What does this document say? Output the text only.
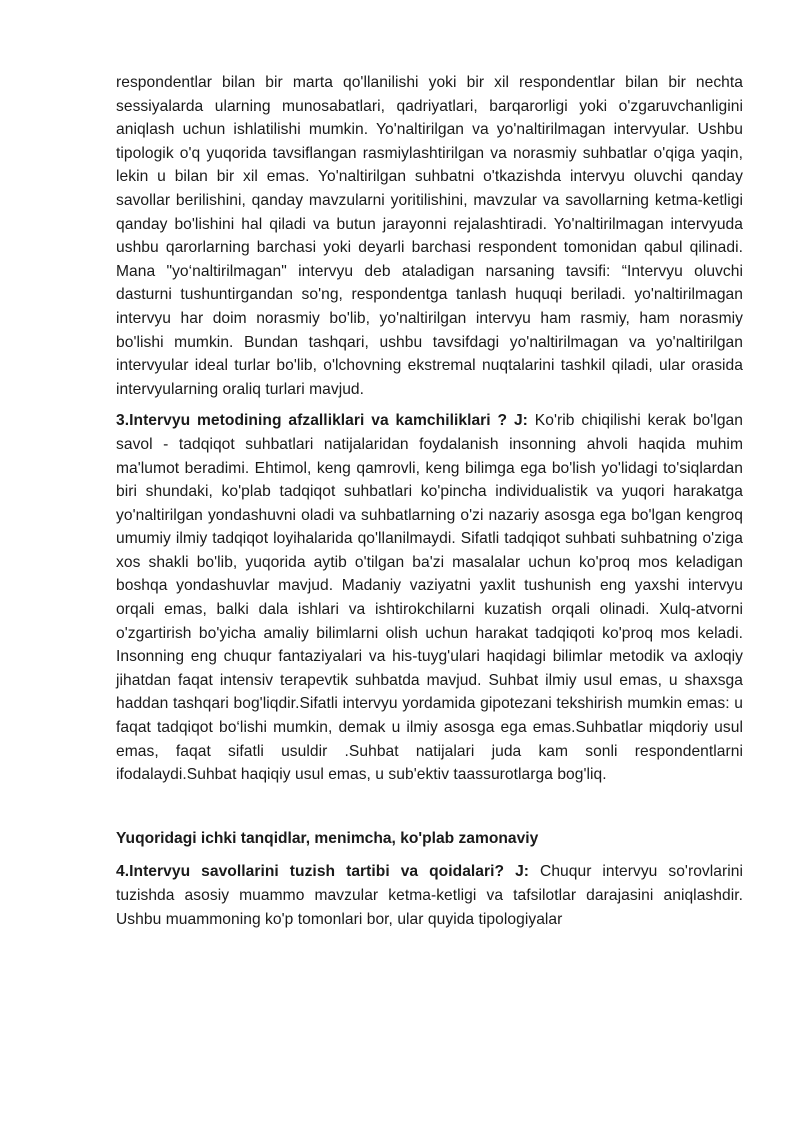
respondentlar bilan bir marta qo'llanilishi yoki bir xil respondentlar bilan bir nechta sessiyalarda ularning munosabatlari, qadriyatlari, barqarorligi yoki o'zgaruvchanligini aniqlash uchun ishlatilishi mumkin. Yo'naltirilgan va yo'naltirilmagan intervyular. Ushbu tipologik o'q yuqorida tavsiflangan rasmiylashtirilgan va norasmiy suhbatlar o'qiga yaqin, lekin u bilan bir xil emas. Yo'naltirilgan suhbatni o'tkazishda intervyu oluvchi qanday savollar berilishini, qanday mavzularni yoritilishini, mavzular va savollarning ketma-ketligi qanday bo'lishini hal qiladi va butun jarayonni rejalashtiradi. Yo'naltirilmagan intervyuda ushbu qarorlarning barchasi yoki deyarli barchasi respondent tomonidan qabul qilinadi. Mana "yo‘naltirilmagan" intervyu deb ataladigan narsaning tavsifi: “Intervyu oluvchi dasturni tushuntirgandan so'ng, respondentga tanlash huquqi beriladi. yo'naltirilmagan intervyu har doim norasmiy bo'lib, yo'naltirilgan intervyu ham rasmiy, ham norasmiy bo'lishi mumkin. Bundan tashqari, ushbu tavsifdagi yo'naltirilmagan va yo'naltirilgan intervyular ideal turlar bo'lib, o'lchovning ekstremal nuqtalarini tashkil qiladi, ular orasida intervyularning oraliq turlari mavjud.

3.Intervyu metodining afzalliklari va kamchiliklari ? J: Ko'rib chiqilishi kerak bo'lgan savol - tadqiqot suhbatlari natijalaridan foydalanish insonning ahvoli haqida muhim ma'lumot beradimi. Ehtimol, keng qamrovli, keng bilimga ega bo'lish yo'lidagi to'siqlardan biri shundaki, ko'plab tadqiqot suhbatlari ko'pincha individualistik va yuqori harakatga yo'naltirilgan yondashuvni oladi va suhbatlarning o'zi nazariy asosga ega bo'lgan kengroq umumiy ilmiy tadqiqot loyihalarida qo'llanilmaydi. Sifatli tadqiqot suhbati suhbatning o'ziga xos shakli bo'lib, yuqorida aytib o'tilgan ba'zi masalalar uchun ko'proq mos keladigan boshqa yondashuvlar mavjud. Madaniy vaziyatni yaxlit tushunish eng yaxshi intervyu orqali emas, balki dala ishlari va ishtirokchilarni kuzatish orqali olinadi. Xulq-atvorni o'zgartirish bo'yicha amaliy bilimlarni olish uchun harakat tadqiqoti ko'proq mos keladi. Insonning eng chuqur fantaziyalari va his-tuyg'ulari haqidagi bilimlar metodik va axloqiy jihatdan faqat intensiv terapevtik suhbatda mavjud. Suhbat ilmiy usul emas, u shaxsga haddan tashqari bog'liqdir.Sifatli intervyu yordamida gipotezani tekshirish mumkin emas: u faqat tadqiqot bo‘lishi mumkin, demak u ilmiy asosga ega emas.Suhbatlar miqdoriy usul emas, faqat sifatli usuldir .Suhbat natijalari juda kam sonli respondentlarni ifodalaydi.Suhbat haqiqiy usul emas, u sub'ektiv taassurotlarga bog'liq.

Yuqoridagi ichki tanqidlar, menimcha, ko'plab zamonaviy

4.Intervyu savollarini tuzish tartibi va qoidalari? J: Chuqur intervyu so'rovlarini tuzishda asosiy muammo mavzular ketma-ketligi va tafsilotlar darajasini aniqlashdir. Ushbu muammoning ko'p tomonlari bor, ular quyida tipologiyalar
